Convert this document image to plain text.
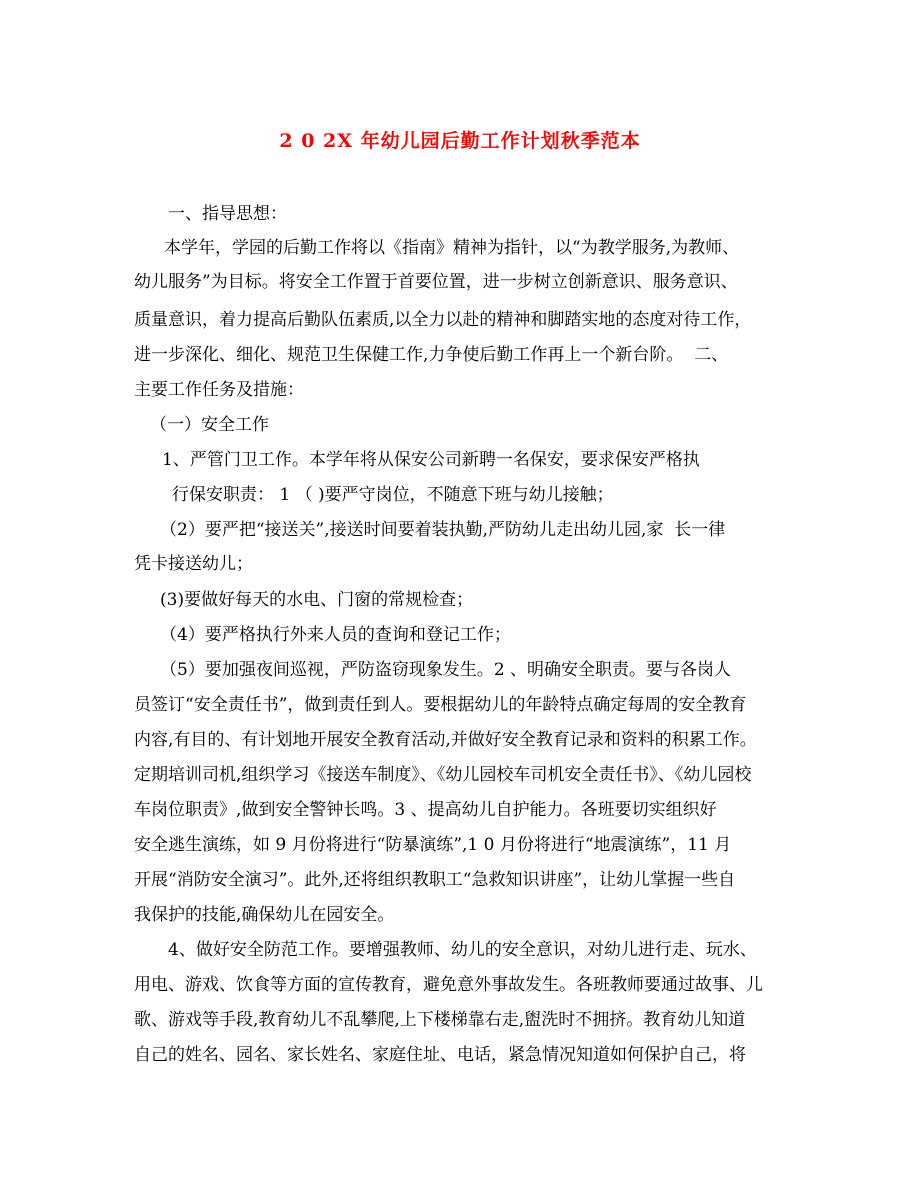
2 0 2X 年幼儿园后勤工作计划秋季范本
一、指导思想：
本学年，学园的后勤工作将以《指南》精神为指针，以“为教学服务,为教师、
幼儿服务”为目标。将安全工作置于首要位置，进一步树立创新意识、服务意识、
质量意识，着力提高后勤队伍素质,以全力以赴的精神和脚踏实地的态度对待工作，
进一步深化、细化、规范卫生保健工作,力争使后勤工作再上一个新台阶。 ￼ 二、
主要工作任务及措施：
（一）安全工作
1、严管门卫工作。本学年将从保安公司新聘一名保安，要求保安严格执
行保安职责： 1 （ ￼)要严守岗位，不随意下班与幼儿接触；
（2）要严把“接送关”,接送时间要着装执勤,严防幼儿走出幼儿园,家 ￼ 长一律
凭卡接送幼儿；
(3)要做好每天的水电、门窗的常规检查；
（4）要严格执行外来人员的查询和登记工作；
（5）要加强夜间巡视，严防盗窃现象发生。2 ￼、明确安全职责。要与各岗人
员签订“安全责任书”，做到责任到人。要根据幼儿的年龄特点确定每周的安全教育
内容,有目的、有计划地开展安全教育活动,并做好安全教育记录和资料的积累工作。
定期培训司机,组织学习《接送车制度》、《幼儿园校车司机安全责任书》、《幼儿园校
车岗位职责》,做到安全警钟长鸣。3 ￼、提高幼儿自护能力。各班要切实组织好
安全逃生演练，如 9 月份将进行“防暴演练”,1 0 月份将进行“地震演练”，11 月
开展“消防安全演习”。此外,还将组织教职工“急救知识讲座”，让幼儿掌握一些自
我保护的技能,确保幼儿在园安全。
4、做好安全防范工作。要增强教师、幼儿的安全意识，对幼儿进行走、玩水、
用电、游戏、饮食等方面的宣传教育，避免意外事故发生。各班教师要通过故事、儿
歌、游戏等手段,教育幼儿不乱攀爬,上下楼梯靠右走,盥洗时不拥挤。教育幼儿知道
自己的姓名、园名、家长姓名、家庭住址、电话，紧急情况知道如何保护自己，将
